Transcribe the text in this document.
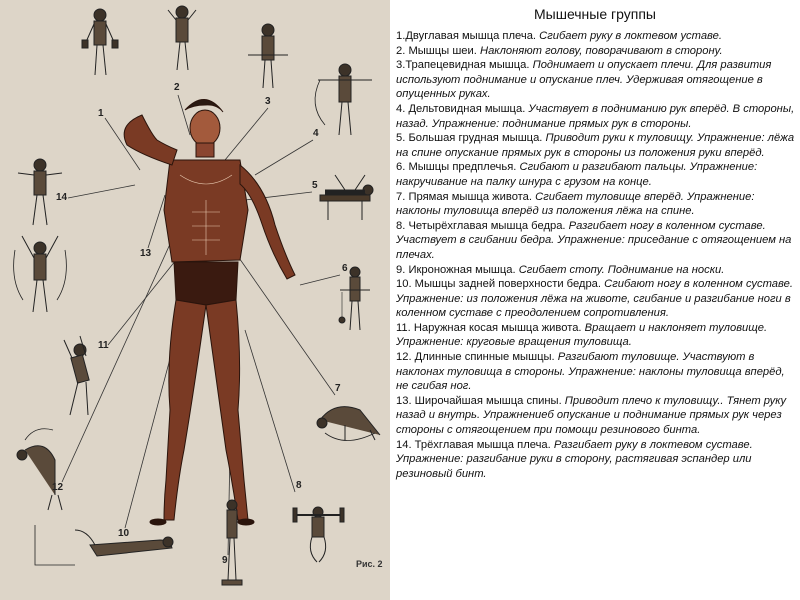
1
2
3
4
5
6
7
8
9
10
11
12
13
14
Рис. 2
Мышечные группы

1.Двуглавая мышца плеча. Сгибает руку в локтевом уставе.

2. Мышцы шеи. Наклоняют голову, поворачивают в сторону.

3.Трапецевидная мышца. Поднимает и опускает плечи. Для развития используют поднимание и опускание плеч. Удерживая отягощение в опущенных руках.

4. Дельтовидная мышца. Участвует в подниманию рук вперёд. В стороны, назад. Упражнение: поднимание прямых рук в стороны.

5. Большая грудная мышца. Приводит руки к туловищу. Упражнение: лёжа на спине опускание прямых рук в стороны из положения руки вперёд.

6. Мышцы предплечья. Сгибают и разгибают пальцы. Упражнение: накручивание на палку шнура с грузом на конце.

7. Прямая мышца живота. Сгибает туловище вперёд. Упражнение: наклоны туловища вперёд из положения лёжа на спине.

8. Четырёхглавая мышца бедра. Разгибает ногу в коленном суставе. Участвует в сгибании бедра. Упражнение: приседание с отягощением на плечах.

9. Икроножная мышца. Сгибает стопу. Поднимание на носки.

10. Мышцы задней поверхности бедра. Сгибают ногу в коленном суставе. Упражнение: из положения лёжа на животе, сгибание и разгибание ноги в коленном суставе с преодолением сопротивления.

11. Наружная косая мышца живота. Вращает и наклоняет туловище. Упражнение: круговые вращения туловища.

12. Длинные спинные мышцы. Разгибают туловище. Участвуют в наклонах туловища в стороны. Упражнение: наклоны туловища вперёд, не сгибая ног.

13. Широчайшая мышца спины. Приводит плечо к туловищу.. Тянет руку назад и внутрь. Упражнениеб опускание и поднимание прямых рук через стороны с отягощением при помощи резинового бинта.

14. Трёхглавая мышца плеча. Разгибает руку в локтевом суставе. Упражнение: разгибание руки в сторону, растягивая эспандер или резиновый бинт.
